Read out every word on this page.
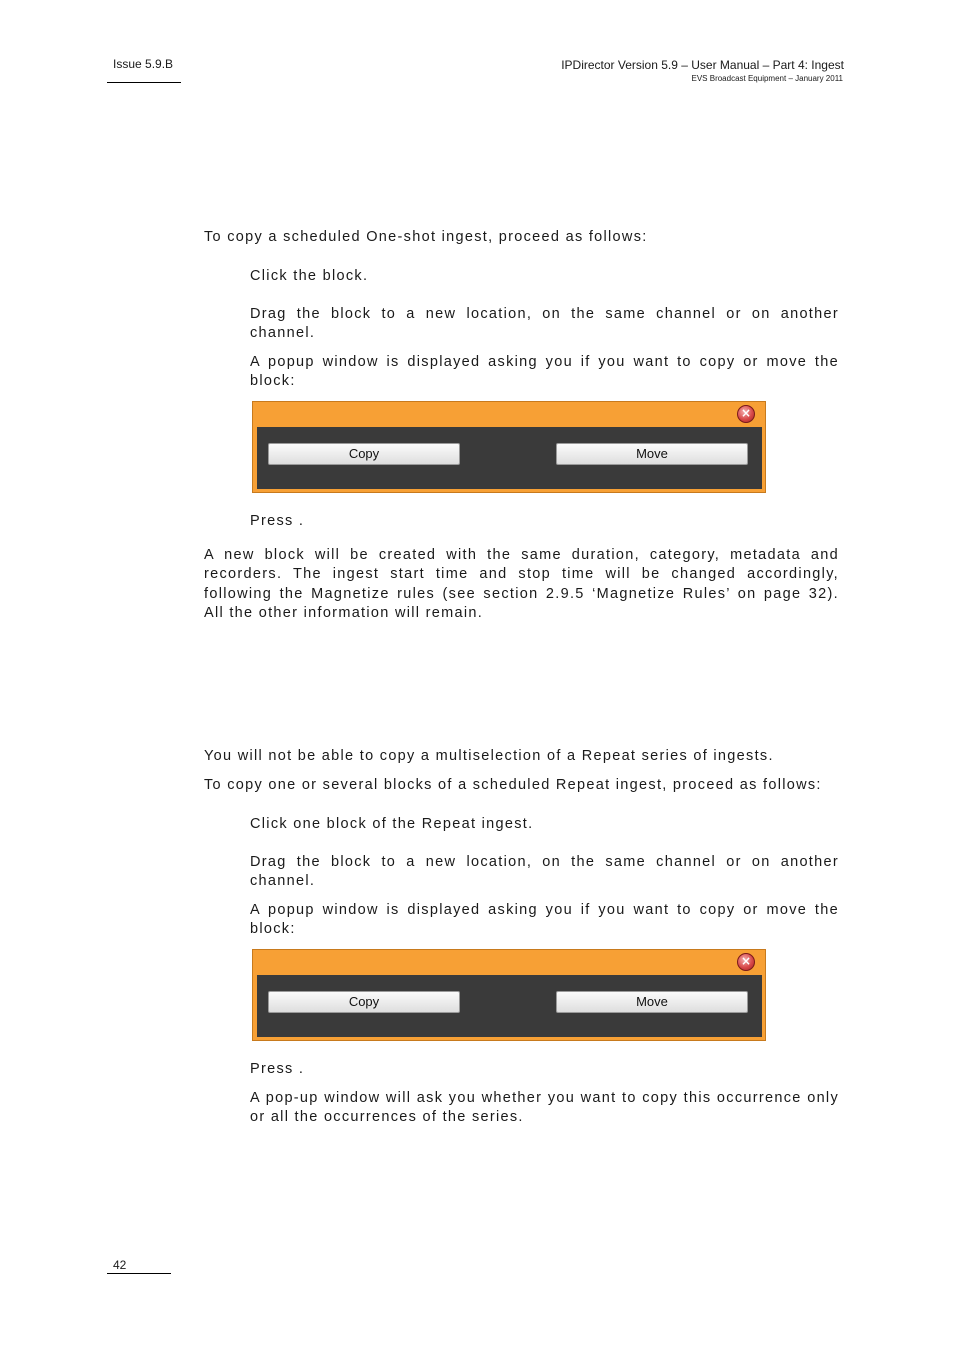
Issue 5.9.B	IPDirector Version 5.9 – User Manual – Part 4: Ingest
EVS Broadcast Equipment – January 2011
To copy a scheduled One-shot ingest, proceed as follows:
Click the block.
Drag the block to a new location, on the same channel or on another channel.
A popup window is displayed asking you if you want to copy or move the block:
×
Copy	Move
Press .
A new block will be created with the same duration, category, metadata and recorders. The ingest start time and stop time will be changed accordingly, following the Magnetize rules (see section 2.9.5 ‘Magnetize Rules’ on page 32). All the other information will remain.
You will not be able to copy a multiselection of a Repeat series of ingests.
To copy one or several blocks of a scheduled Repeat ingest, proceed as follows:
Click one block of the Repeat ingest.
Drag the block to a new location, on the same channel or on another channel.
A popup window is displayed asking you if you want to copy or move the block:
×
Copy	Move
Press .
A pop-up window will ask you whether you want to copy this occurrence only or all the occurrences of the series.
42
